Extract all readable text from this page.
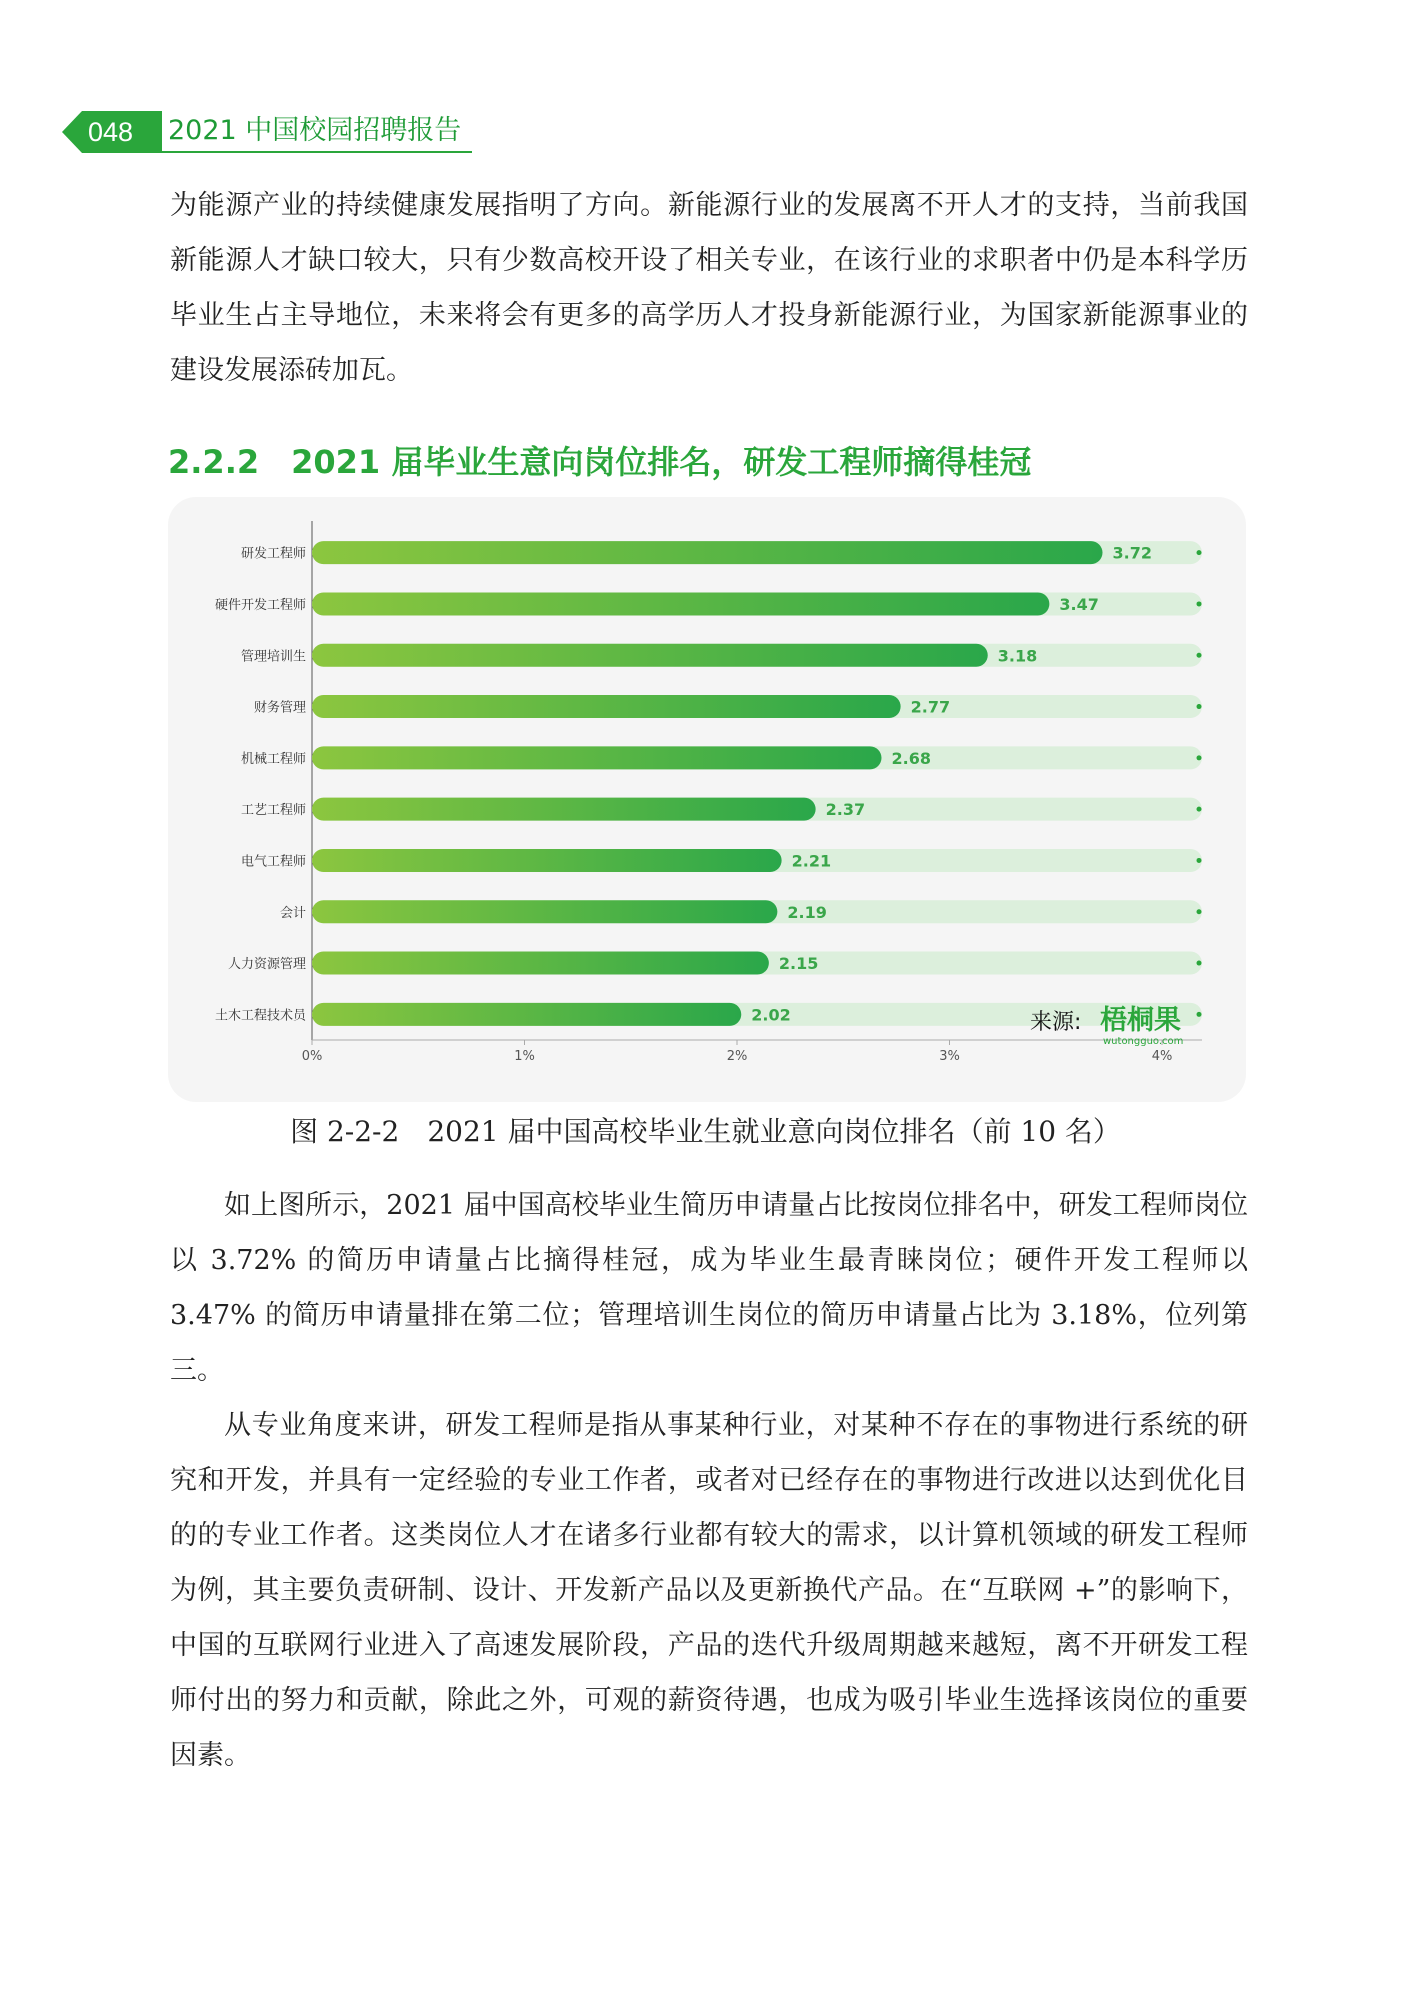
048	2021 中国校园招聘报告

为能源产业的持续健康发展指明了方向。新能源行业的发展离不开人才的支持，当前我国新能源人才缺口较大，只有少数高校开设了相关专业，在该行业的求职者中仍是本科学历毕业生占主导地位，未来将会有更多的高学历人才投身新能源行业，为国家新能源事业的建设发展添砖加瓦。

2.2.2　2021 届毕业生意向岗位排名，研发工程师摘得桂冠
研发工程师	3.72
硬件开发工程师	3.47
管理培训生	3.18
财务管理	2.77
机械工程师	2.68
工艺工程师	2.37
电气工程师	2.21
会计	2.19
人力资源管理	2.15
土木工程技术员	2.02
0%	1%	2%	3%	4%
来源: 梧桐果
wutongguo.com
图 2-2-2　2021 届中国高校毕业生就业意向岗位排名（前 10 名）

如上图所示，2021 届中国高校毕业生简历申请量占比按岗位排名中，研发工程师岗位以 3.72% 的简历申请量占比摘得桂冠，成为毕业生最青睐岗位；硬件开发工程师以 3.47% 的简历申请量排在第二位；管理培训生岗位的简历申请量占比为 3.18%，位列第三。

从专业角度来讲，研发工程师是指从事某种行业，对某种不存在的事物进行系统的研究和开发，并具有一定经验的专业工作者，或者对已经存在的事物进行改进以达到优化目的的专业工作者。这类岗位人才在诸多行业都有较大的需求，以计算机领域的研发工程师为例，其主要负责研制、设计、开发新产品以及更新换代产品。在“互联网 +”的影响下，中国的互联网行业进入了高速发展阶段，产品的迭代升级周期越来越短，离不开研发工程师付出的努力和贡献，除此之外，可观的薪资待遇，也成为吸引毕业生选择该岗位的重要因素。
